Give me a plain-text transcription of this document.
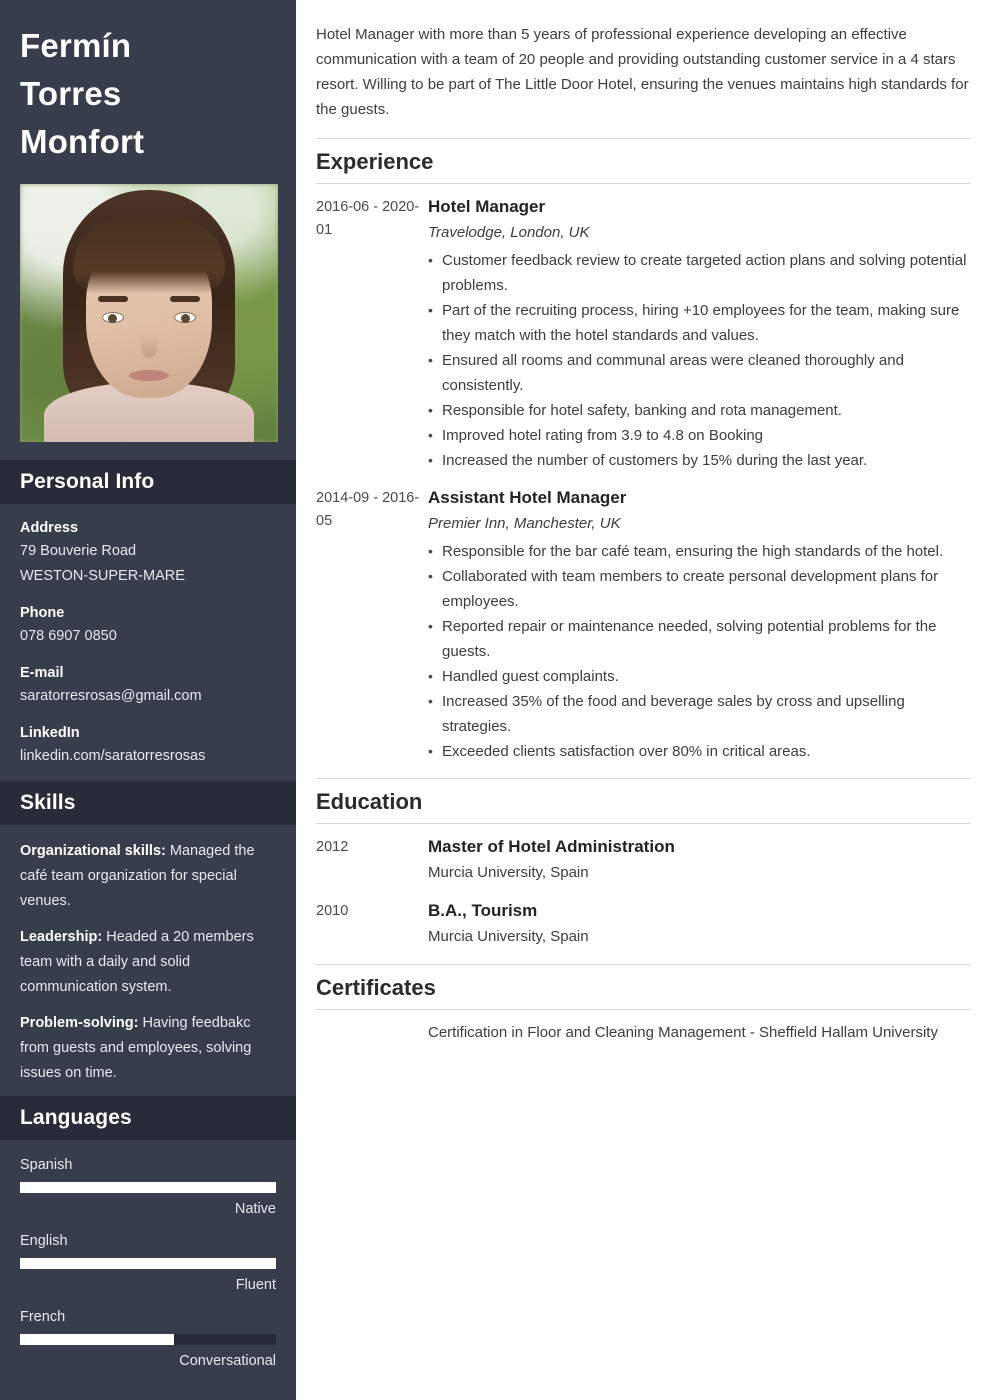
Fermín
Torres
Monfort
Personal Info
Address
79 Bouverie Road
WESTON-SUPER-MARE
Phone
078 6907 0850
E-mail
saratorresrosas@gmail.com
LinkedIn
linkedin.com/saratorresrosas
Skills

Organizational skills: Managed the café team organization for special venues.

Leadership: Headed a 20 members team with a daily and solid communication system.

Problem-solving: Having feedbakc from guests and employees, solving issues on time.

Languages
Spanish
Native
English
Fluent
French
Conversational

Hotel Manager with more than 5 years of professional experience developing an effective communication with a team of 20 people and providing outstanding customer service in a 4 stars resort. Willing to be part of The Little Door Hotel, ensuring the venues maintains high standards for the guests.

Experience
2016-06 - 2020-01
Hotel Manager
Travelodge, London, UK
• Customer feedback review to create targeted action plans and solving potential problems.
• Part of the recruiting process, hiring +10 employees for the team, making sure they match with the hotel standards and values.
• Ensured all rooms and communal areas were cleaned thoroughly and consistently.
• Responsible for hotel safety, banking and rota management.
• Improved hotel rating from 3.9 to 4.8 on Booking
• Increased the number of customers by 15% during the last year.
2014-09 - 2016-05
Assistant Hotel Manager
Premier Inn, Manchester, UK
• Responsible for the bar café team, ensuring the high standards of the hotel.
• Collaborated with team members to create personal development plans for employees.
• Reported repair or maintenance needed, solving potential problems for the guests.
• Handled guest complaints.
• Increased 35% of the food and beverage sales by cross and upselling strategies.
• Exceeded clients satisfaction over 80% in critical areas.
Education
2012	Master of Hotel Administration
Murcia University, Spain
2010	B.A., Tourism
Murcia University, Spain
Certificates
Certification in Floor and Cleaning Management - Sheffield Hallam University
